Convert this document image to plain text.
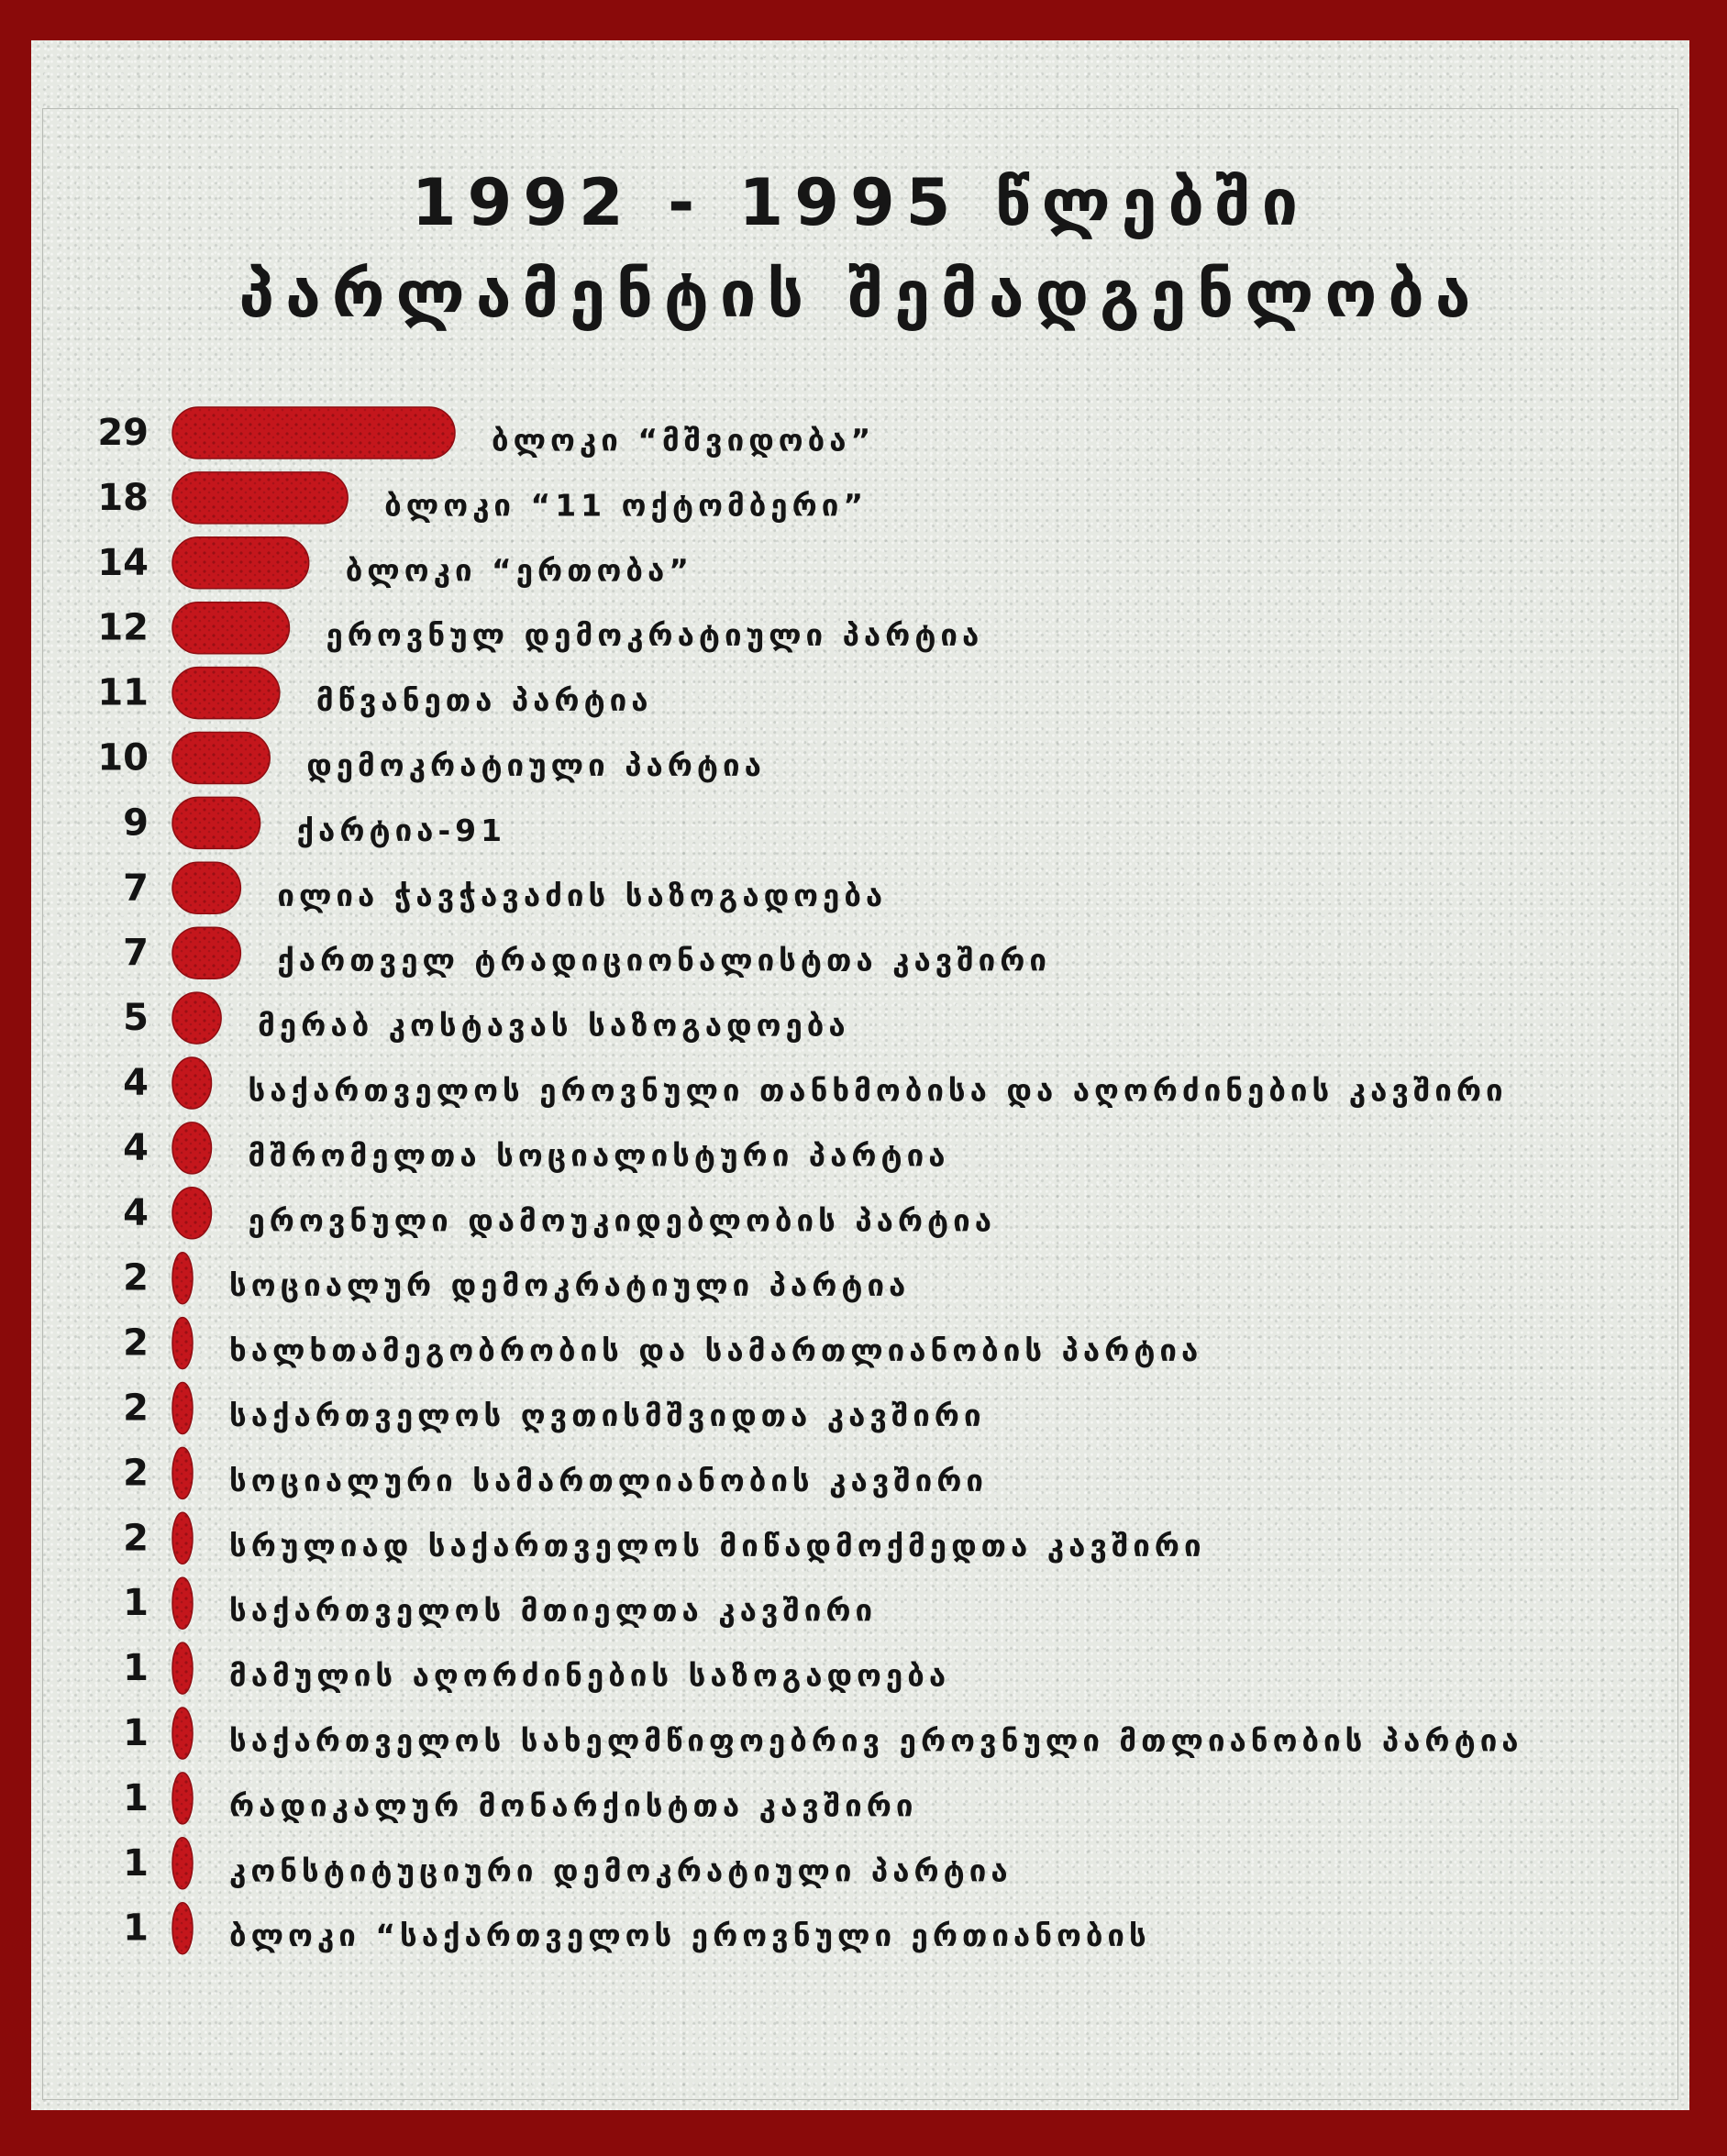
1992 - 1995 წლებში
პარლამენტის შემადგენლობა
29	ბლოკი “მშვიდობა”
18	ბლოკი “11 ოქტომბერი”
14	ბლოკი “ერთობა”
12	ეროვნულ დემოკრატიული პარტია
11	მწვანეთა პარტია
10	დემოკრატიული პარტია
9	ქარტია-91
7	ილია ჭავჭავაძის საზოგადოება
7	ქართველ ტრადიციონალისტთა კავშირი
5	მერაბ კოსტავას საზოგადოება
4	საქართველოს ეროვნული თანხმობისა და აღორძინების კავშირი
4	მშრომელთა სოციალისტური პარტია
4	ეროვნული დამოუკიდებლობის პარტია
2	სოციალურ დემოკრატიული პარტია
2	ხალხთამეგობრობის და სამართლიანობის პარტია
2	საქართველოს ღვთისმშვიდთა კავშირი
2	სოციალური სამართლიანობის კავშირი
2	სრულიად საქართველოს მიწადმოქმედთა კავშირი
1	საქართველოს მთიელთა კავშირი
1	მამულის აღორძინების საზოგადოება
1	საქართველოს სახელმწიფოებრივ ეროვნული მთლიანობის პარტია
1	რადიკალურ მონარქისტთა კავშირი
1	კონსტიტუციური დემოკრატიული პარტია
1	ბლოკი “საქართველოს ეროვნული ერთიანობის
